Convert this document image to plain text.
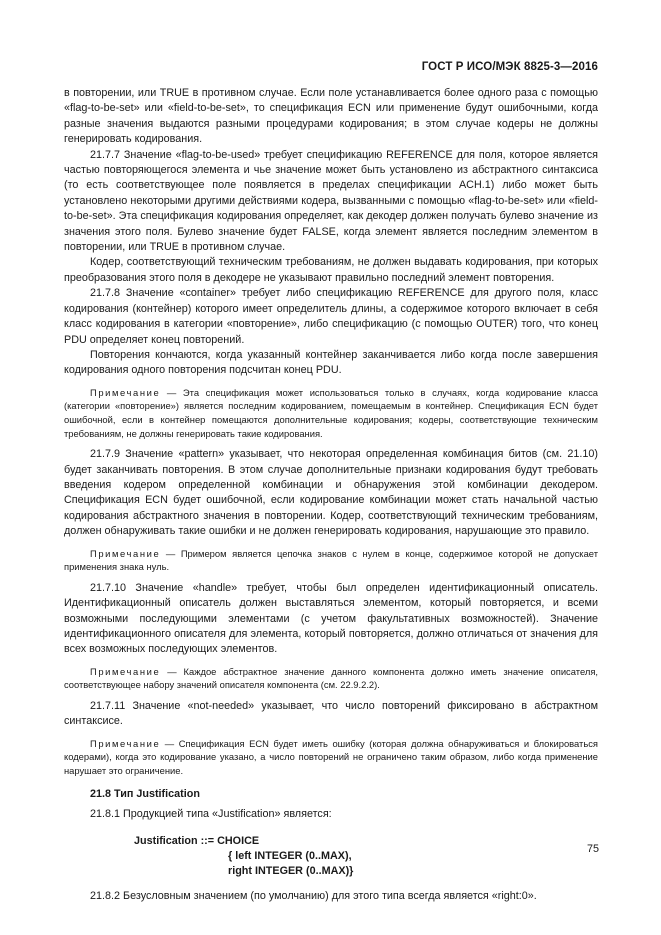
ГОСТ Р ИСО/МЭК 8825-3—2016

в повторении, или TRUE в противном случае. Если поле устанавливается более одного раза с помощью «flag-to-be-set» или «field-to-be-set», то спецификация ECN или применение будут ошибочными, когда разные значения выдаются разными процедурами кодирования; в этом случае кодеры не должны генерировать кодирования.

21.7.7 Значение «flag-to-be-used» требует спецификацию REFERENCE для поля, которое является частью повторяющегося элемента и чье значение может быть установлено из абстрактного синтаксиса (то есть соответствующее поле появляется в пределах спецификации ACH.1) либо может быть установлено некоторыми другими действиями кодера, вызванными с помощью «flag-to-be-set» или «field-to-be-set». Эта спецификация кодирования определяет, как декодер должен получать булево значение из значения этого поля. Булево значение будет FALSE, когда элемент является последним элементом в повторении, или TRUE в противном случае.

Кодер, соответствующий техническим требованиям, не должен выдавать кодирования, при которых преобразования этого поля в декодере не указывают правильно последний элемент повторения.

21.7.8 Значение «container» требует либо спецификацию REFERENCE для другого поля, класс кодирования (контейнер) которого имеет определитель длины, а содержимое которого включает в себя класс кодирования в категории «повторение», либо спецификацию (с помощью OUTER) того, что конец PDU определяет конец повторений.

Повторения кончаются, когда указанный контейнер заканчивается либо когда после завершения кодирования одного повторения подсчитан конец PDU.

Примечание — Эта спецификация может использоваться только в случаях, когда кодирование класса (категории «повторение») является последним кодированием, помещаемым в контейнер. Спецификация ECN будет ошибочной, если в контейнер помещаются дополнительные кодирования; кодеры, соответствующие техническим требованиям, не должны генерировать такие кодирования.

21.7.9 Значение «pattern» указывает, что некоторая определенная комбинация битов (см. 21.10) будет заканчивать повторения. В этом случае дополнительные признаки кодирования будут требовать введения кодером определенной комбинации и обнаружения этой комбинации декодером. Спецификация ECN будет ошибочной, если кодирование комбинации может стать начальной частью кодирования абстрактного значения в повторении. Кодер, соответствующий техническим требованиям, должен обнаруживать такие ошибки и не должен генерировать кодирования, нарушающие это правило.

Примечание — Примером является цепочка знаков с нулем в конце, содержимое которой не допускает применения знака нуль.

21.7.10 Значение «handle» требует, чтобы был определен идентификационный описатель. Идентификационный описатель должен выставляться элементом, который повторяется, и всеми возможными последующими элементами (с учетом факультативных возможностей). Значение идентификационного описателя для элемента, который повторяется, должно отличаться от значения для всех возможных последующих элементов.

Примечание — Каждое абстрактное значение данного компонента должно иметь значение описателя, соответствующее набору значений описателя компонента (см. 22.9.2.2).

21.7.11 Значение «not-needed» указывает, что число повторений фиксировано в абстрактном синтаксисе.

Примечание — Спецификация ECN будет иметь ошибку (которая должна обнаруживаться и блокироваться кодерами), когда это кодирование указано, а число повторений не ограничено таким образом, либо когда применение нарушает это ограничение.

21.8 Тип Justification

21.8.1 Продукцией типа «Justification» является:

Justification ::= CHOICE
{ left INTEGER (0..MAX),
right INTEGER (0..MAX)}

21.8.2 Безусловным значением (по умолчанию) для этого типа всегда является «right:0».

75
